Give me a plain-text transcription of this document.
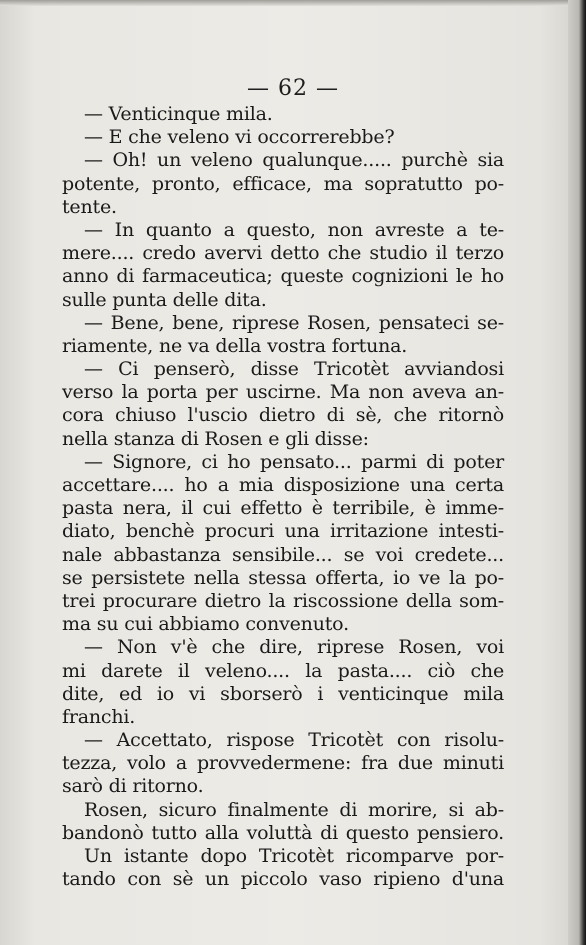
— 62 —
— Venticinque mila.
— E che veleno vi occorrerebbe?
— Oh! un veleno qualunque..... purchè sia
potente, pronto, efficace, ma sopratutto po-
tente.
— In quanto a questo, non avreste a te-
mere.... credo avervi detto che studio il terzo
anno di farmaceutica; queste cognizioni le ho
sulle punta delle dita.
— Bene, bene, riprese Rosen, pensateci se-
riamente, ne va della vostra fortuna.
— Ci penserò, disse Tricotèt avviandosi
verso la porta per uscirne. Ma non aveva an-
cora chiuso l'uscio dietro di sè, che ritornò
nella stanza di Rosen e gli disse:
— Signore, ci ho pensato... parmi di poter
accettare.... ho a mia disposizione una certa
pasta nera, il cui effetto è terribile, è imme-
diato, benchè procuri una irritazione intesti-
nale abbastanza sensibile... se voi credete...
se persistete nella stessa offerta, io ve la po-
trei procurare dietro la riscossione della som-
ma su cui abbiamo convenuto.
— Non v'è che dire, riprese Rosen, voi
mi darete il veleno.... la pasta.... ciò che
dite, ed io vi sborserò i venticinque mila
franchi.
— Accettato, rispose Tricotèt con risolu-
tezza, volo a provvedermene: fra due minuti
sarò di ritorno.
Rosen, sicuro finalmente di morire, si ab-
bandonò tutto alla voluttà di questo pensiero.
Un istante dopo Tricotèt ricomparve por-
tando con sè un piccolo vaso ripieno d'una
